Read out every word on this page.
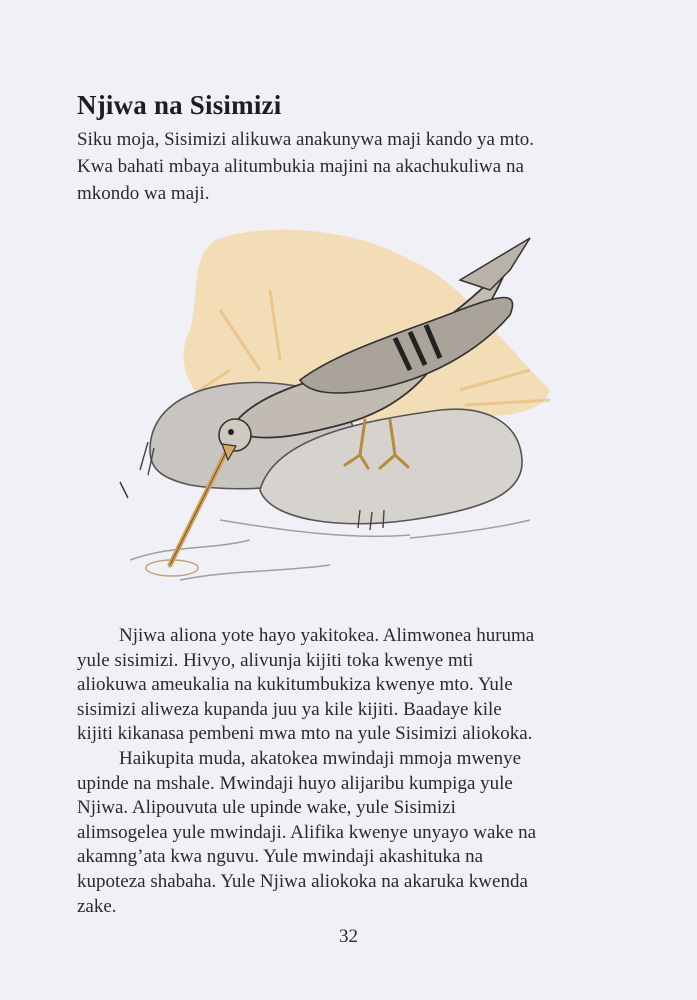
Njiwa na Sisimizi
Siku moja, Sisimizi alikuwa anakunywa maji kando ya mto.
Kwa bahati mbaya alitumbukia majini na akachukuliwa na
mkondo wa maji.
Njiwa aliona yote hayo yakitokea. Alimwonea huruma
yule sisimizi. Hivyo, alivunja kijiti toka kwenye mti
aliokuwa ameukalia na kukitumbukiza kwenye mto. Yule
sisimizi aliweza kupanda juu ya kile kijiti. Baadaye kile
kijiti kikanasa pembeni mwa mto na yule Sisimizi aliokoka.
Haikupita muda, akatokea mwindaji mmoja mwenye
upinde na mshale. Mwindaji huyo alijaribu kumpiga yule
Njiwa. Alipouvuta ule upinde wake, yule Sisimizi
alimsogelea yule mwindaji. Alifika kwenye unyayo wake na
akamng’ata kwa nguvu. Yule mwindaji akashituka na
kupoteza shabaha. Yule Njiwa aliokoka na akaruka kwenda
zake.
32
